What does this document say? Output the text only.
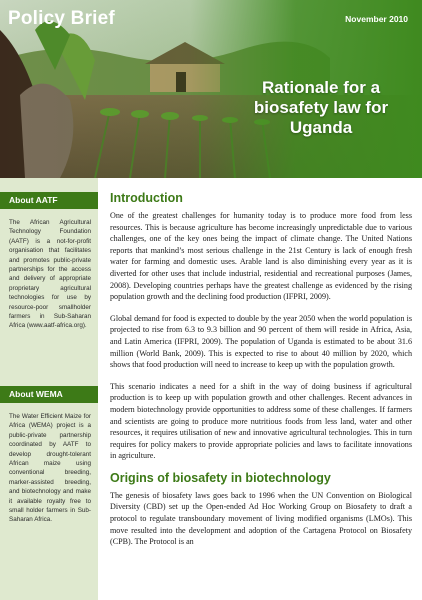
Policy Brief	November 2010
Rationale for a
biosafety law for
Uganda
About AATF
The African Agricultural Technology Foundation (AATF) is a not-for-profit organisation that facilitates and promotes public-private partnerships for the access and delivery of appropriate proprietary agricultural technologies for use by resource-poor smallholder farmers in Sub-Saharan Africa (www.aatf-africa.org).
About WEMA
The Water Efficient Maize for Africa (WEMA) project is a public-private partnership coordinated by AATF to develop drought-tolerant African maize using conventional breeding, marker-assisted breeding, and biotechnology and make it available royalty free to small holder farmers in Sub-Saharan Africa.
Introduction

One of the greatest challenges for humanity today is to produce more food from less resources. This is because agriculture has become increasingly unpredictable due to various challenges, one of the key ones being the impact of climate change. The United Nations reports that mankind’s most serious challenge in the 21st Century is lack of enough fresh water for farming and domestic uses. Arable land is also diminishing every year as it is diverted for other uses that include industrial, residential and recreational purposes (James, 2008). Developing countries perhaps have the greatest challenge as evidenced by the rising population growth and the declining food production (IFPRI, 2009).

Global demand for food is expected to double by the year 2050 when the world population is projected to rise from 6.3 to 9.3 billion and 90 percent of them will reside in Africa, Asia, and Latin America (IFPRI, 2009). The population of Uganda is estimated to be about 31.6 million (World Bank, 2009). This is expected to rise to about 40 million by 2020, which shows that food production will need to increase to keep up with the population growth.

This scenario indicates a need for a shift in the way of doing business if agricultural production is to keep up with population growth and other challenges. Recent advances in modern biotechnology provide opportunities to address some of these challenges. If farmers and scientists are going to produce more nutritious foods from less land, water and other resources, it requires utilisation of new and innovative agricultural technologies. This in turn requires for policy makers to provide appropriate policies and laws to facilitate innovations in agriculture.

Origins of biosafety in biotechnology

The genesis of biosafety laws goes back to 1996 when the UN Convention on Biological Diversity (CBD) set up the Open-ended Ad Hoc Working Group on Biosafety to draft a protocol to regulate transboundary movement of living modified organisms (LMOs). This move resulted into the development and adoption of the Cartagena Protocol on Biosafety (CPB). The Protocol is an
